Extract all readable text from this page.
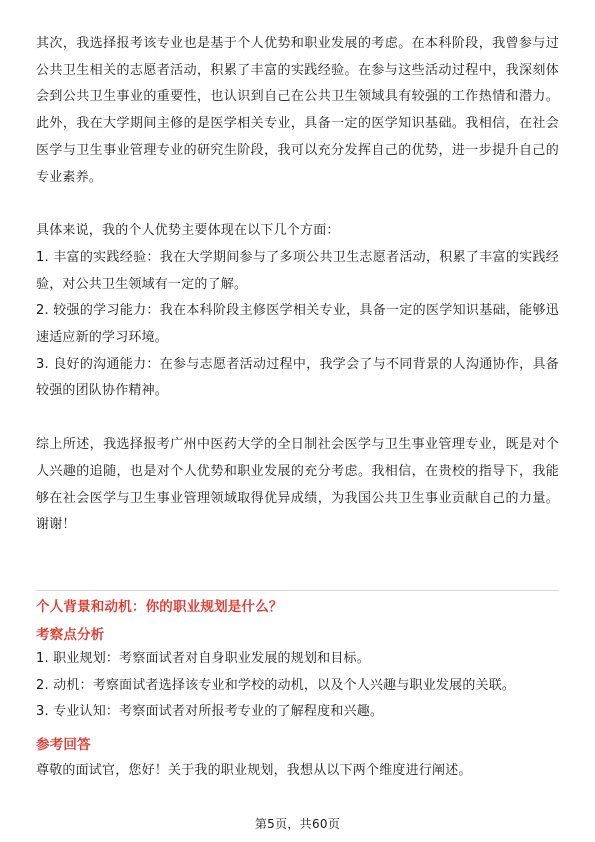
其次，我选择报考该专业也是基于个人优势和职业发展的考虑。在本科阶段，我曾参与过公共卫生相关的志愿者活动，积累了丰富的实践经验。在参与这些活动过程中，我深刻体会到公共卫生事业的重要性，也认识到自己在公共卫生领域具有较强的工作热情和潜力。此外，我在大学期间主修的是医学相关专业，具备一定的医学知识基础。我相信，在社会医学与卫生事业管理专业的研究生阶段，我可以充分发挥自己的优势，进一步提升自己的专业素养。

具体来说，我的个人优势主要体现在以下几个方面：

1. 丰富的实践经验：我在大学期间参与了多项公共卫生志愿者活动，积累了丰富的实践经验，对公共卫生领域有一定的了解。

2. 较强的学习能力：我在本科阶段主修医学相关专业，具备一定的医学知识基础，能够迅速适应新的学习环境。

3. 良好的沟通能力：在参与志愿者活动过程中，我学会了与不同背景的人沟通协作，具备较强的团队协作精神。

综上所述，我选择报考广州中医药大学的全日制社会医学与卫生事业管理专业，既是对个人兴趣的追随，也是对个人优势和职业发展的充分考虑。我相信，在贵校的指导下，我能够在社会医学与卫生事业管理领域取得优异成绩，为我国公共卫生事业贡献自己的力量。谢谢！

个人背景和动机：你的职业规划是什么？

考察点分析

1. 职业规划：考察面试者对自身职业发展的规划和目标。

2. 动机：考察面试者选择该专业和学校的动机，以及个人兴趣与职业发展的关联。

3. 专业认知：考察面试者对所报考专业的了解程度和兴趣。

参考回答

尊敬的面试官，您好！关于我的职业规划，我想从以下两个维度进行阐述。

第5页，共60页
